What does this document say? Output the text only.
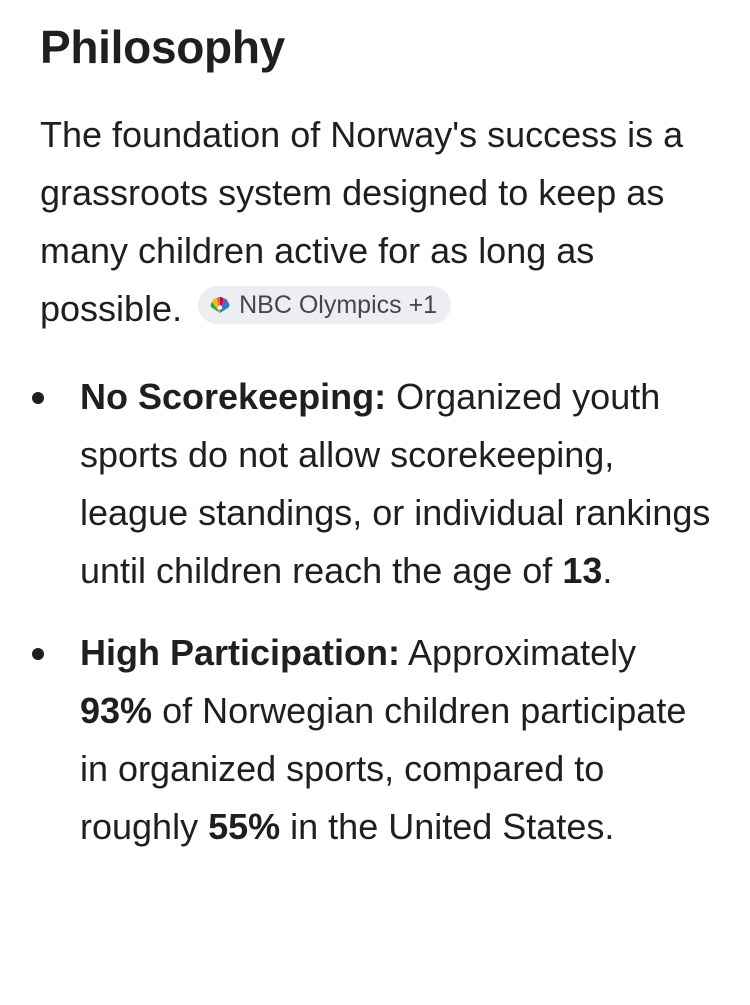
Philosophy

The foundation of Norway's success is a grassroots system designed to keep as many children active for as long as possible. NBC Olympics +1

No Scorekeeping: Organized youth sports do not allow scorekeeping, league standings, or individual rankings until children reach the age of 13.
High Participation: Approximately 93% of Norwegian children participate in organized sports, compared to roughly 55% in the United States.
